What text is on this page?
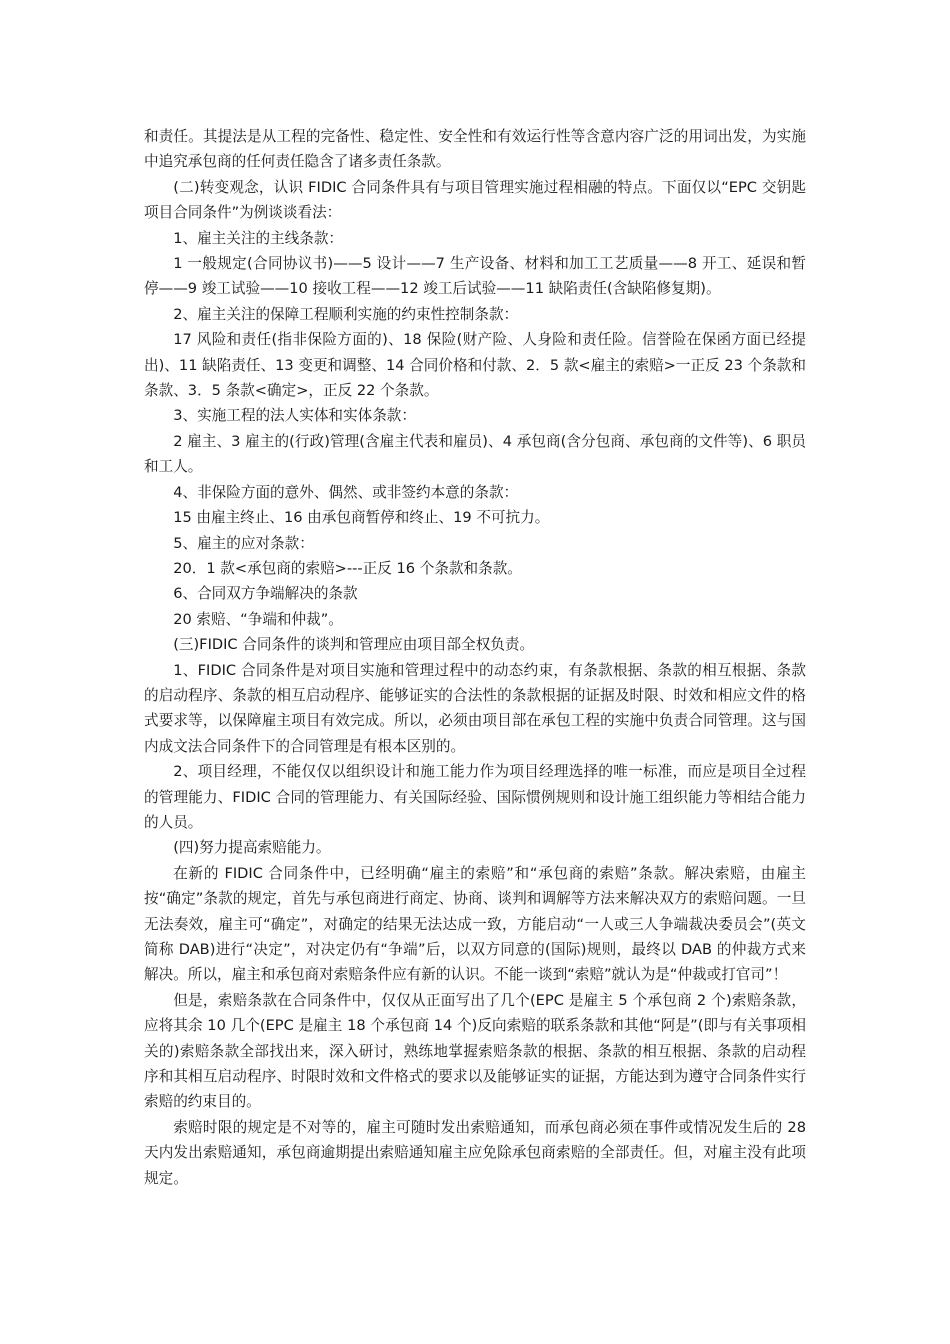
和责任。其提法是从工程的完备性、稳定性、安全性和有效运行性等含意内容广泛的用词出发，为实施中追究承包商的任何责任隐含了诸多责任条款。

(二)转变观念，认识 FIDIC 合同条件具有与项目管理实施过程相融的特点。下面仅以“EPC 交钥匙项目合同条件”为例谈谈看法：

1、雇主关注的主线条款：

1 一般规定(合同协议书)——5 设计——7 生产设备、材料和加工工艺质量——8 开工、延误和暂停——9 竣工试验——10 接收工程——12 竣工后试验——11 缺陷责任(含缺陷修复期)。

2、雇主关注的保障工程顺利实施的约束性控制条款：

17 风险和责任(指非保险方面的)、18 保险(财产险、人身险和责任险。信誉险在保函方面已经提出)、11 缺陷责任、13 变更和调整、14 合同价格和付款、2．5 款<雇主的索赔>一正反 23 个条款和条款、3．5 条款<确定>，正反 22 个条款。

3、实施工程的法人实体和实体条款：

2 雇主、3 雇主的(行政)管理(含雇主代表和雇员)、4 承包商(含分包商、承包商的文件等)、6 职员和工人。

4、非保险方面的意外、偶然、或非签约本意的条款：

15 由雇主终止、16 由承包商暂停和终止、19 不可抗力。

5、雇主的应对条款：

20．1 款<承包商的索赔>---正反 16 个条款和条款。

6、合同双方争端解决的条款

20 索赔、“争端和仲裁”。

(三)FIDIC 合同条件的谈判和管理应由项目部全权负责。

1、FIDIC 合同条件是对项目实施和管理过程中的动态约束，有条款根据、条款的相互根据、条款的启动程序、条款的相互启动程序、能够证实的合法性的条款根据的证据及时限、时效和相应文件的格式要求等，以保障雇主项目有效完成。所以，必须由项目部在承包工程的实施中负责合同管理。这与国内成文法合同条件下的合同管理是有根本区别的。

2、项目经理，不能仅仅以组织设计和施工能力作为项目经理选择的唯一标准，而应是项目全过程的管理能力、FIDIC 合同的管理能力、有关国际经验、国际惯例规则和设计施工组织能力等相结合能力的人员。

(四)努力提高索赔能力。

在新的 FIDIC 合同条件中，已经明确“雇主的索赔”和“承包商的索赔”条款。解决索赔，由雇主按“确定”条款的规定，首先与承包商进行商定、协商、谈判和调解等方法来解决双方的索赔问题。一旦无法奏效，雇主可“确定”，对确定的结果无法达成一致，方能启动“一人或三人争端裁决委员会”(英文简称 DAB)进行“决定”，对决定仍有“争端”后，以双方同意的(国际)规则，最终以 DAB 的仲裁方式来解决。所以，雇主和承包商对索赔条件应有新的认识。不能一谈到“索赔”就认为是“仲裁或打官司”！

但是，索赔条款在合同条件中，仅仅从正面写出了几个(EPC 是雇主 5 个承包商 2 个)索赔条款，应将其余 10 几个(EPC 是雇主 18 个承包商 14 个)反向索赔的联系条款和其他“阿是”(即与有关事项相关的)索赔条款全部找出来，深入研讨，熟练地掌握索赔条款的根据、条款的相互根据、条款的启动程序和其相互启动程序、时限时效和文件格式的要求以及能够证实的证据，方能达到为遵守合同条件实行索赔的约束目的。

索赔时限的规定是不对等的，雇主可随时发出索赔通知，而承包商必须在事件或情况发生后的 28 天内发出索赔通知，承包商逾期提出索赔通知雇主应免除承包商索赔的全部责任。但，对雇主没有此项规定。
